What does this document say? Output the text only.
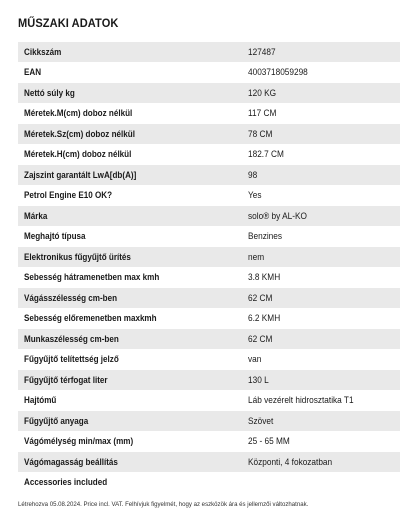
MŰSZAKI ADATOK
Cikkszám	127487
EAN	4003718059298
Nettó súly kg	120 KG
Méretek.M(cm) doboz nélkül	117 CM
Méretek.Sz(cm) doboz nélkül	78 CM
Méretek.H(cm) doboz nélkül	182.7 CM
Zajszint garantált LwA[db(A)]	98
Petrol Engine E10 OK?	Yes
Márka	solo® by AL-KO
Meghajtó típusa	Benzines
Elektronikus fűgyűjtő ürítés	nem
Sebesség hátramenetben max kmh	3.8 KMH
Vágásszélesség cm-ben	62 CM
Sebesség előremenetben maxkmh	6.2 KMH
Munkaszélesség cm-ben	62 CM
Fűgyűjtő telítettség jelző	van
Fűgyűjtő térfogat liter	130 L
Hajtómű	Láb vezérelt hidrosztatika T1
Fűgyűjtő anyaga	Szövet
Vágómélység min/max (mm)	25 - 65 MM
Vágómagasság beállítás	Központi, 4 fokozatban
Accessories included	
Létrehozva 05.08.2024. Price incl. VAT. Felhívjuk figyelmét, hogy az eszközök ára és jellemzői változhatnak.
